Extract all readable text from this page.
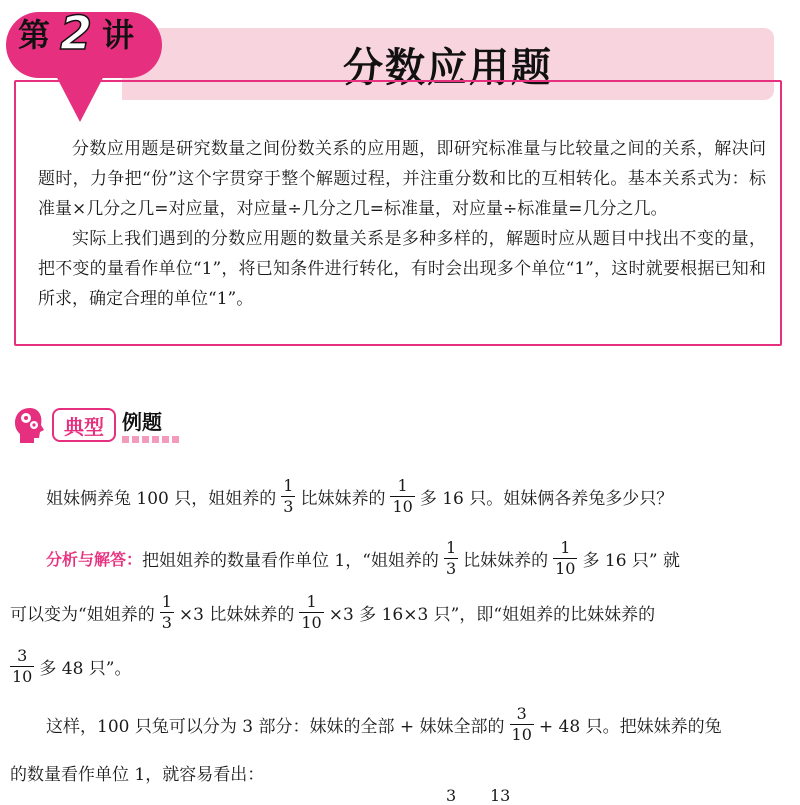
分数应用题
第 2 讲

分数应用题是研究数量之间份数关系的应用题，即研究标准量与比较量之间的关系，解决问题时，力争把“份”这个字贯穿于整个解题过程，并注重分数和比的互相转化。基本关系式为：标准量×几分之几=对应量，对应量÷几分之几=标准量，对应量÷标准量=几分之几。

实际上我们遇到的分数应用题的数量关系是多种多样的，解题时应从题目中找出不变的量，把不变的量看作单位“1”，将已知条件进行转化，有时会出现多个单位“1”，这时就要根据已知和所求，确定合理的单位“1”。

典型 例题
姐妹俩养兔 100 只，姐姐养的 $\frac{1}{3}$ 比妹妹养的 $\frac{1}{10}$ 多 16 只。姐妹俩各养兔多少只？
分析与解答： 把姐姐养的数量看作单位 1，“姐姐养的 $\frac{1}{3}$ 比妹妹养的 $\frac{1}{10}$ 多 16 只” 就
可以变为“姐姐养的 $\frac{1}{3} \times 3$ 比妹妹养的 $\frac{1}{10} \times 3$ 多 16×3 只”，即“姐姐养的比妹妹养的
$\frac{3}{10}$ 多 48 只”。
这样，100 只兔可以分为 3 部分：妹妹的全部 + 妹妹全部的 $\frac{3}{10} + 48$ 只。把妹妹养的兔
的数量看作单位 1，就容易看出：
3 13
